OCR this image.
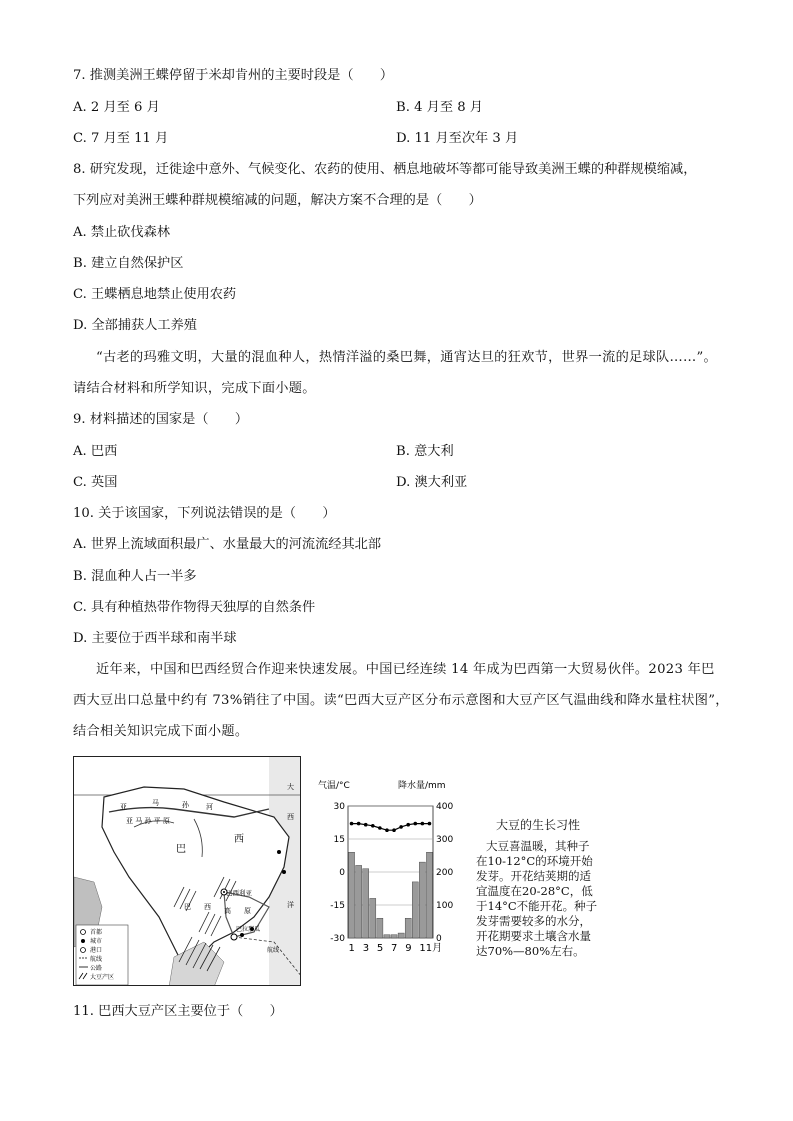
7. 推测美洲王蝶停留于米却肯州的主要时段是（　　）
A. 2 月至 6 月	B. 4 月至 8 月
C. 7 月至 11 月	D. 11 月至次年 3 月
8. 研究发现，迁徙途中意外、气候变化、农药的使用、栖息地破坏等都可能导致美洲王蝶的种群规模缩减，
下列应对美洲王蝶种群规模缩减的问题，解决方案不合理的是（　　）
A. 禁止砍伐森林
B. 建立自然保护区
C. 王蝶栖息地禁止使用农药
D. 全部捕获人工养殖
“古老的玛雅文明，大量的混血种人，热情洋溢的桑巴舞，通宵达旦的狂欢节，世界一流的足球队……”。
请结合材料和所学知识，完成下面小题。
9. 材料描述的国家是（　　）
A. 巴西	B. 意大利
C. 英国	D. 澳大利亚
10. 关于该国家，下列说法错误的是（　　）
A. 世界上流域面积最广、水量最大的河流流经其北部
B. 混血种人占一半多
C. 具有种植热带作物得天独厚的自然条件
D. 主要位于西半球和南半球
近年来，中国和巴西经贸合作迎来快速发展。中国已经连续 14 年成为巴西第一大贸易伙伴。2023 年巴
西大豆出口总量中约有 73%销往了中国。读“巴西大豆产区分布示意图和大豆产区气温曲线和降水量柱状图”，
结合相关知识完成下面小题。
亚	马	孙 河
亚 马 孙 平 原
巴
西
巴西利亚
巴 西 高 原
大
西
洋
巴拉那瓜
航线
首都
城市
港口
航线
公路
大豆产区
气温/°C	降水量/mm
30
15
0
-15
-30
400
300
200
100
0
1 3 5 7 9 11月
大豆的生长习性
大豆喜温暖，其种子
在10-12°C的环境开始
发芽。开花结荚期的适
宜温度在20-28°C，低
于14°C不能开花。种子
发芽需要较多的水分，
开花期要求土壤含水量
达70%—80%左右。
11. 巴西大豆产区主要位于（　　）
